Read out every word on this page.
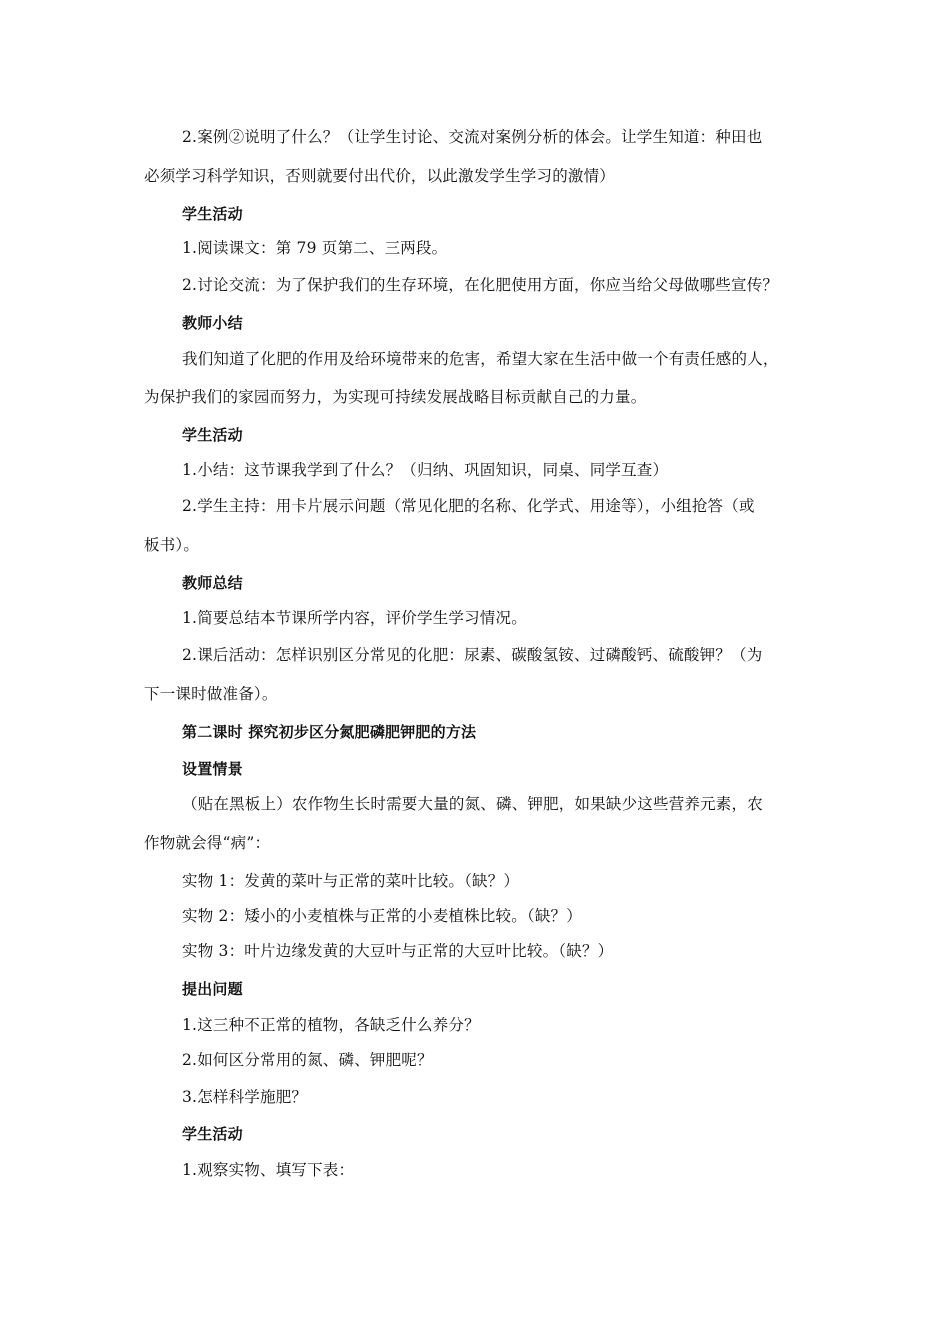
2.案例②说明了什么？（让学生讨论、交流对案例分析的体会。让学生知道：种田也
必须学习科学知识，否则就要付出代价，以此激发学生学习的激情）
学生活动
1.阅读课文：第 79 页第二、三两段。
2.讨论交流：为了保护我们的生存环境，在化肥使用方面，你应当给父母做哪些宣传？
教师小结
我们知道了化肥的作用及给环境带来的危害，希望大家在生活中做一个有责任感的人，
为保护我们的家园而努力，为实现可持续发展战略目标贡献自己的力量。
学生活动
1.小结：这节课我学到了什么？（归纳、巩固知识，同桌、同学互查）
2.学生主持：用卡片展示问题（常见化肥的名称、化学式、用途等），小组抢答（或
板书）。
教师总结
1.简要总结本节课所学内容，评价学生学习情况。
2.课后活动：怎样识别区分常见的化肥：尿素、碳酸氢铵、过磷酸钙、硫酸钾？（为
下一课时做准备）。
第二课时 探究初步区分氮肥磷肥钾肥的方法
设置情景
（贴在黑板上）农作物生长时需要大量的氮、磷、钾肥，如果缺少这些营养元素，农
作物就会得“病”：
实物 1：发黄的菜叶与正常的菜叶比较。（缺？）
实物 2：矮小的小麦植株与正常的小麦植株比较。（缺？）
实物 3：叶片边缘发黄的大豆叶与正常的大豆叶比较。（缺？）
提出问题
1.这三种不正常的植物，各缺乏什么养分？
2.如何区分常用的氮、磷、钾肥呢？
3.怎样科学施肥？
学生活动
1.观察实物、填写下表：
